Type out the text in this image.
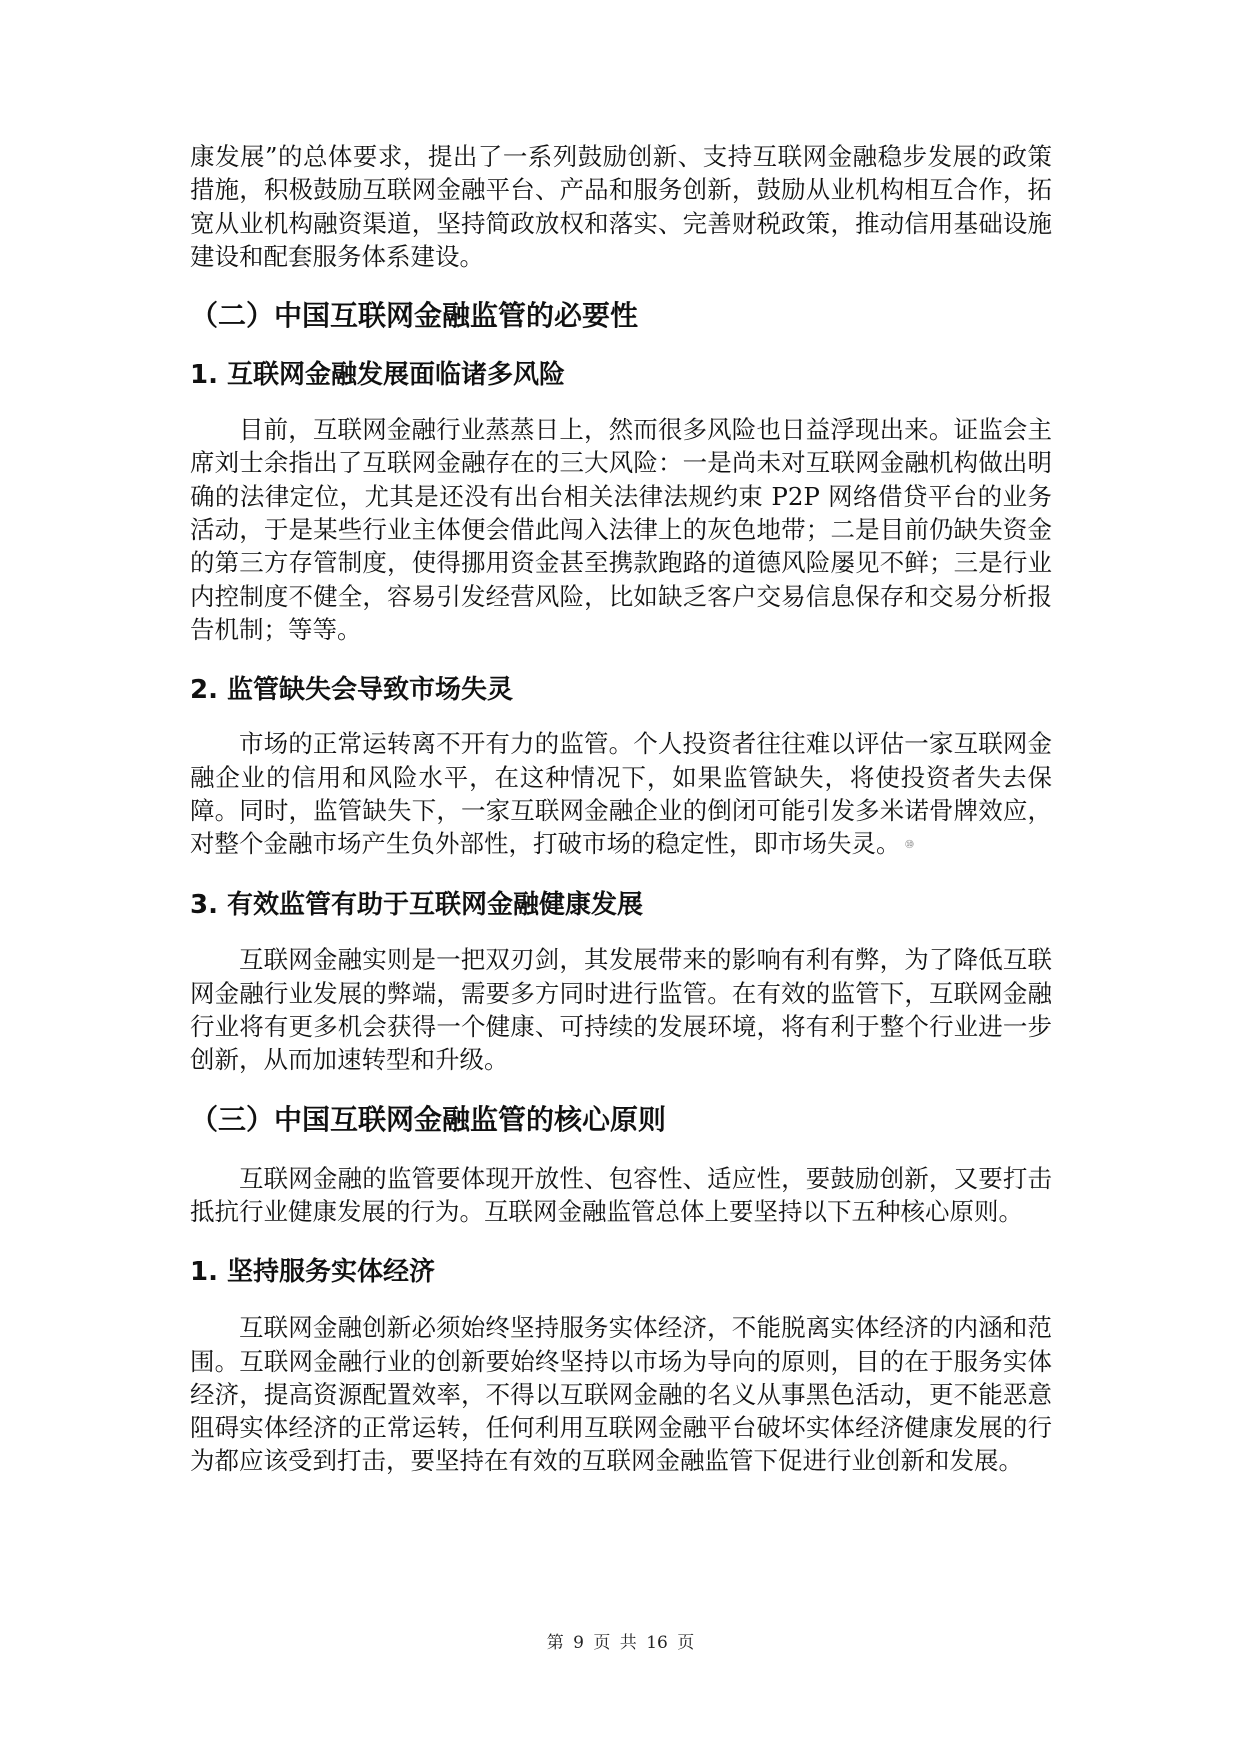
康发展”的总体要求，提出了一系列鼓励创新、支持互联网金融稳步发展的政策措施，积极鼓励互联网金融平台、产品和服务创新，鼓励从业机构相互合作，拓宽从业机构融资渠道，坚持简政放权和落实、完善财税政策，推动信用基础设施建设和配套服务体系建设。

（二）中国互联网金融监管的必要性
1. 互联网金融发展面临诸多风险

目前，互联网金融行业蒸蒸日上，然而很多风险也日益浮现出来。证监会主席刘士余指出了互联网金融存在的三大风险：一是尚未对互联网金融机构做出明确的法律定位，尤其是还没有出台相关法律法规约束 P2P 网络借贷平台的业务活动，于是某些行业主体便会借此闯入法律上的灰色地带；二是目前仍缺失资金的第三方存管制度，使得挪用资金甚至携款跑路的道德风险屡见不鲜；三是行业内控制度不健全，容易引发经营风险，比如缺乏客户交易信息保存和交易分析报告机制；等等。

2. 监管缺失会导致市场失灵

市场的正常运转离不开有力的监管。个人投资者往往难以评估一家互联网金融企业的信用和风险水平，在这种情况下，如果监管缺失，将使投资者失去保障。同时，监管缺失下，一家互联网金融企业的倒闭可能引发多米诺骨牌效应，对整个金融市场产生负外部性，打破市场的稳定性，即市场失灵。 ⑩

3. 有效监管有助于互联网金融健康发展

互联网金融实则是一把双刃剑，其发展带来的影响有利有弊，为了降低互联网金融行业发展的弊端，需要多方同时进行监管。在有效的监管下，互联网金融行业将有更多机会获得一个健康、可持续的发展环境，将有利于整个行业进一步创新，从而加速转型和升级。

（三）中国互联网金融监管的核心原则

互联网金融的监管要体现开放性、包容性、适应性，要鼓励创新，又要打击抵抗行业健康发展的行为。互联网金融监管总体上要坚持以下五种核心原则。

1. 坚持服务实体经济

互联网金融创新必须始终坚持服务实体经济，不能脱离实体经济的内涵和范围。互联网金融行业的创新要始终坚持以市场为导向的原则，目的在于服务实体经济，提高资源配置效率，不得以互联网金融的名义从事黑色活动，更不能恶意阻碍实体经济的正常运转，任何利用互联网金融平台破坏实体经济健康发展的行为都应该受到打击，要坚持在有效的互联网金融监管下促进行业创新和发展。

第 9 页 共 16 页
